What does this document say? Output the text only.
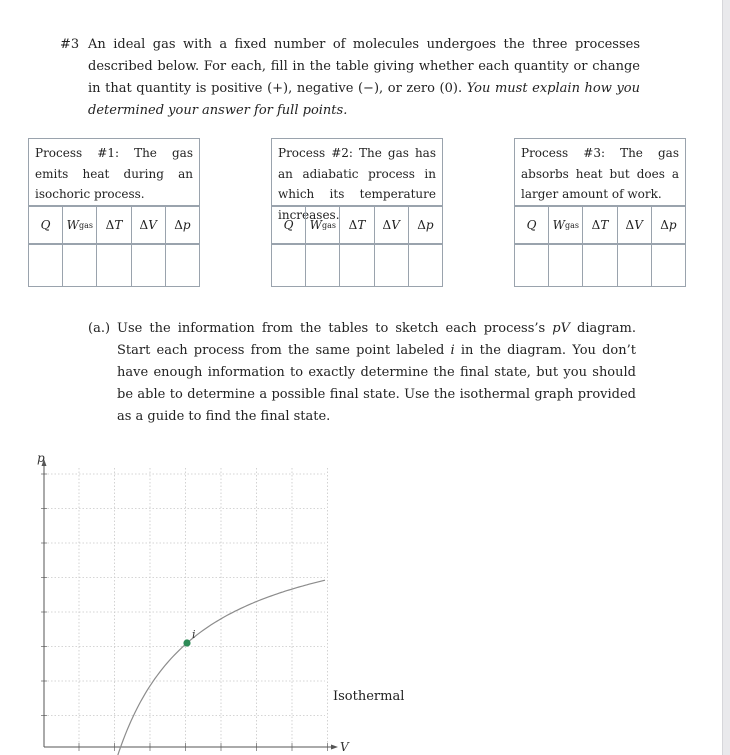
#3 An ideal gas with a fixed number of molecules undergoes the three processes described below. For each, fill in the table giving whether each quantity or change in that quantity is positive (+), negative (−), or zero (0). You must explain how you determined your answer for full points.
Process #1: The gas emits heat during an isochoric process.
Q W gas Δ T Δ V Δ p
Process #2: The gas has an adiabatic process in which its temperature increases.
Q W gas Δ T Δ V Δ p
Process #3: The gas absorbs heat but does a larger amount of work.
Q W gas Δ T Δ V Δ p
(a.) Use the information from the tables to sketch each process’s pV diagram. Start each process from the same point labeled i in the diagram. You don’t have enough information to exactly determine the final state, but you should be able to determine a possible final state. Use the isothermal graph provided as a guide to find the final state.
p
V
Isothermal
i
